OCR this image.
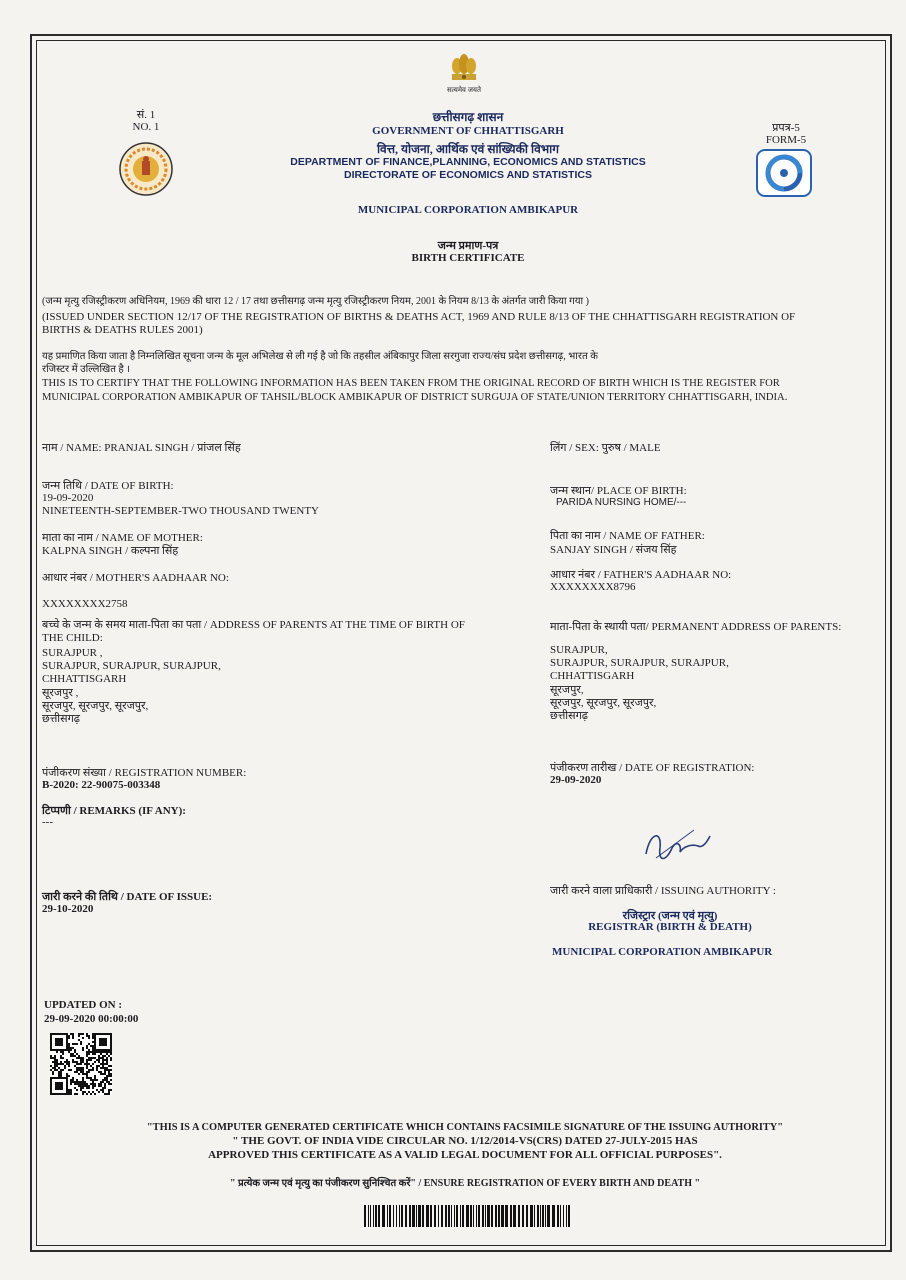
सत्यमेव जयते
सं. 1
NO. 1
छत्तीसगढ़ शासन
GOVERNMENT OF CHHATTISGARH
वित्त, योजना, आर्थिक एवं सांख्यिकी विभाग
DEPARTMENT OF FINANCE,PLANNING, ECONOMICS AND STATISTICS
DIRECTORATE OF ECONOMICS AND STATISTICS
प्रपत्र-5
FORM-5
MUNICIPAL CORPORATION AMBIKAPUR
जन्म प्रमाण-पत्र
BIRTH CERTIFICATE
(जन्म मृत्यु रजिस्ट्रीकरण अधिनियम, 1969 की धारा 12 / 17 तथा छत्तीसगढ़ जन्म मृत्यु रजिस्ट्रीकरण नियम, 2001 के नियम 8/13 के अंतर्गत जारी किया गया )
(ISSUED UNDER SECTION 12/17 OF THE REGISTRATION OF BIRTHS & DEATHS ACT, 1969 AND RULE 8/13 OF THE CHHATTISGARH REGISTRATION OF
BIRTHS & DEATHS RULES 2001)
यह प्रमाणित किया जाता है निम्नलिखित सूचना जन्म के मूल अभिलेख से ली गई है जो कि तहसील अंबिकापुर जिला सरगुजा राज्य/संघ प्रदेश छत्तीसगढ़, भारत के
रजिस्टर में उल्लिखित है ।
THIS IS TO CERTIFY THAT THE FOLLOWING INFORMATION HAS BEEN TAKEN FROM THE ORIGINAL RECORD OF BIRTH WHICH IS THE REGISTER FOR
MUNICIPAL CORPORATION AMBIKAPUR OF TAHSIL/BLOCK AMBIKAPUR OF DISTRICT SURGUJA OF STATE/UNION TERRITORY CHHATTISGARH, INDIA.
नाम / NAME: PRANJAL SINGH / प्रांजल सिंह
जन्म तिथि / DATE OF BIRTH:
19-09-2020
NINETEENTH-SEPTEMBER-TWO THOUSAND TWENTY
माता का नाम / NAME OF MOTHER:
KALPNA SINGH / कल्पना सिंह
आधार नंबर / MOTHER'S AADHAAR NO:
XXXXXXXX2758
बच्चे के जन्म के समय माता-पिता का पता / ADDRESS OF PARENTS AT THE TIME OF BIRTH OF
THE CHILD:
SURAJPUR ,
SURAJPUR, SURAJPUR, SURAJPUR,
CHHATTISGARH
सूरजपुर ,
सूरजपुर, सूरजपुर, सूरजपुर,
छत्तीसगढ़
पंजीकरण संख्या / REGISTRATION NUMBER:
B-2020: 22-90075-003348
टिप्पणी / REMARKS (IF ANY):
---
जारी करने की तिथि / DATE OF ISSUE:
29-10-2020
लिंग / SEX: पुरुष / MALE
जन्म स्थान/ PLACE OF BIRTH:
PARIDA NURSING HOME/---
पिता का नाम / NAME OF FATHER:
SANJAY SINGH / संजय सिंह
आधार नंबर / FATHER'S AADHAAR NO:
XXXXXXXX8796
माता-पिता के स्थायी पता/ PERMANENT ADDRESS OF PARENTS:
SURAJPUR,
SURAJPUR, SURAJPUR, SURAJPUR,
CHHATTISGARH
सूरजपुर,
सूरजपुर, सूरजपुर, सूरजपुर,
छत्तीसगढ़
पंजीकरण तारीख / DATE OF REGISTRATION:
29-09-2020
जारी करने वाला प्राधिकारी / ISSUING AUTHORITY :
रजिस्ट्रार (जन्म एवं मृत्यु)
REGISTRAR (BIRTH & DEATH)
MUNICIPAL CORPORATION AMBIKAPUR
UPDATED ON :
29-09-2020 00:00:00
"THIS IS A COMPUTER GENERATED CERTIFICATE WHICH CONTAINS FACSIMILE SIGNATURE OF THE ISSUING AUTHORITY"
" THE GOVT. OF INDIA VIDE CIRCULAR NO. 1/12/2014-VS(CRS) DATED 27-JULY-2015 HAS
APPROVED THIS CERTIFICATE AS A VALID LEGAL DOCUMENT FOR ALL OFFICIAL PURPOSES".
" प्रत्येक जन्म एवं मृत्यु का पंजीकरण सुनिश्चित करें" / ENSURE REGISTRATION OF EVERY BIRTH AND DEATH "
